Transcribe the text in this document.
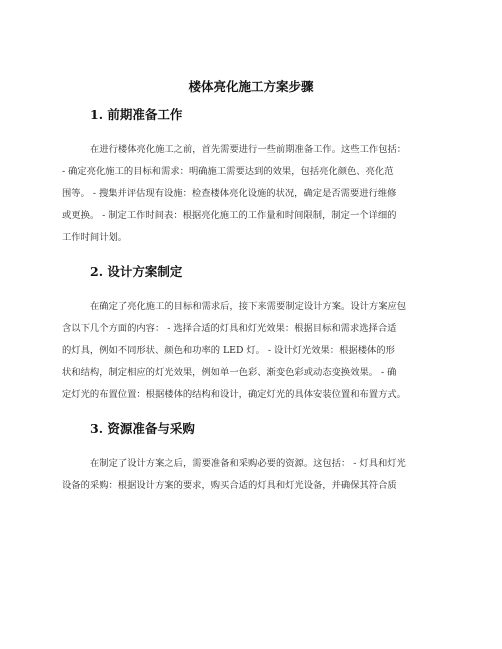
楼体亮化施工方案步骤
1. 前期准备工作
在进行楼体亮化施工之前，首先需要进行一些前期准备工作。这些工作包括：
- 确定亮化施工的目标和需求：明确施工需要达到的效果，包括亮化颜色、亮化范
围等。 - 搜集并评估现有设施：检查楼体亮化设施的状况，确定是否需要进行维修
或更换。 - 制定工作时间表：根据亮化施工的工作量和时间限制，制定一个详细的
工作时间计划。
2. 设计方案制定
在确定了亮化施工的目标和需求后，接下来需要制定设计方案。设计方案应包
含以下几个方面的内容： - 选择合适的灯具和灯光效果：根据目标和需求选择合适
的灯具，例如不同形状、颜色和功率的 LED 灯。 - 设计灯光效果：根据楼体的形
状和结构，制定相应的灯光效果，例如单一色彩、渐变色彩或动态变换效果。 - 确
定灯光的布置位置：根据楼体的结构和设计，确定灯光的具体安装位置和布置方式。
3. 资源准备与采购
在制定了设计方案之后，需要准备和采购必要的资源。这包括： - 灯具和灯光
设备的采购：根据设计方案的要求，购买合适的灯具和灯光设备，并确保其符合质
